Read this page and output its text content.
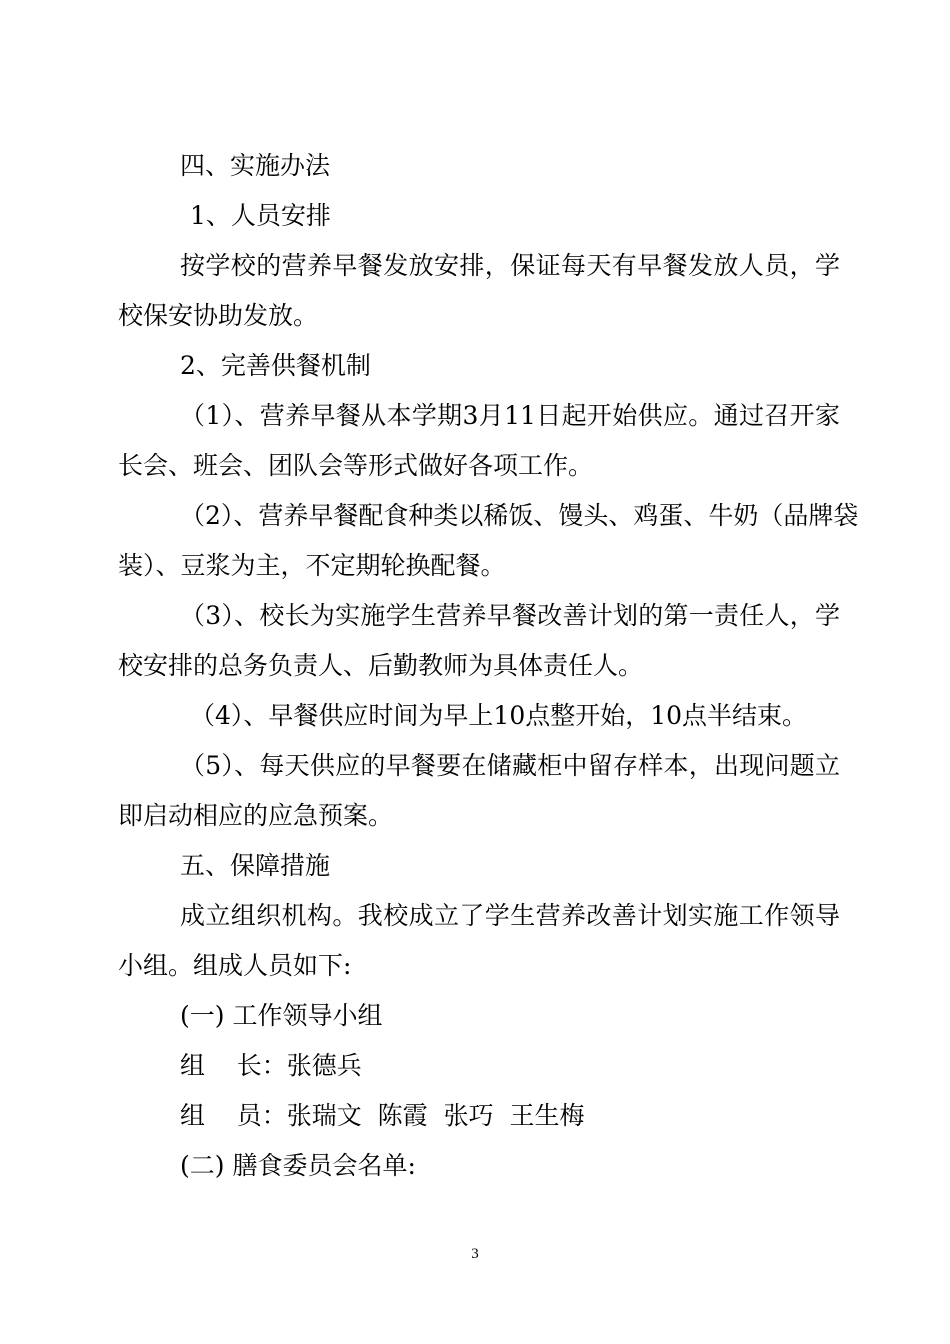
四、实施办法
1、人员安排
按学校的营养早餐发放安排，保证每天有早餐发放人员，学
校保安协助发放。
2、完善供餐机制
（1）、营养早餐从本学期3月11日起开始供应。通过召开家
长会、班会、团队会等形式做好各项工作。
（2）、营养早餐配食种类以稀饭、馒头、鸡蛋、牛奶（品牌袋
装）、豆浆为主，不定期轮换配餐。
（3）、校长为实施学生营养早餐改善计划的第一责任人，学
校安排的总务负责人、后勤教师为具体责任人。
（4）、早餐供应时间为早上10点整开始，10点半结束。
（5）、每天供应的早餐要在储藏柜中留存样本，出现问题立
即启动相应的应急预案。
五、保障措施
成立组织机构。我校成立了学生营养改善计划实施工作领导
小组。组成人员如下:
(一) 工作领导小组
组    长：张德兵
组    员：张瑞文  陈霞  张巧  王生梅
(二) 膳食委员会名单:
3
